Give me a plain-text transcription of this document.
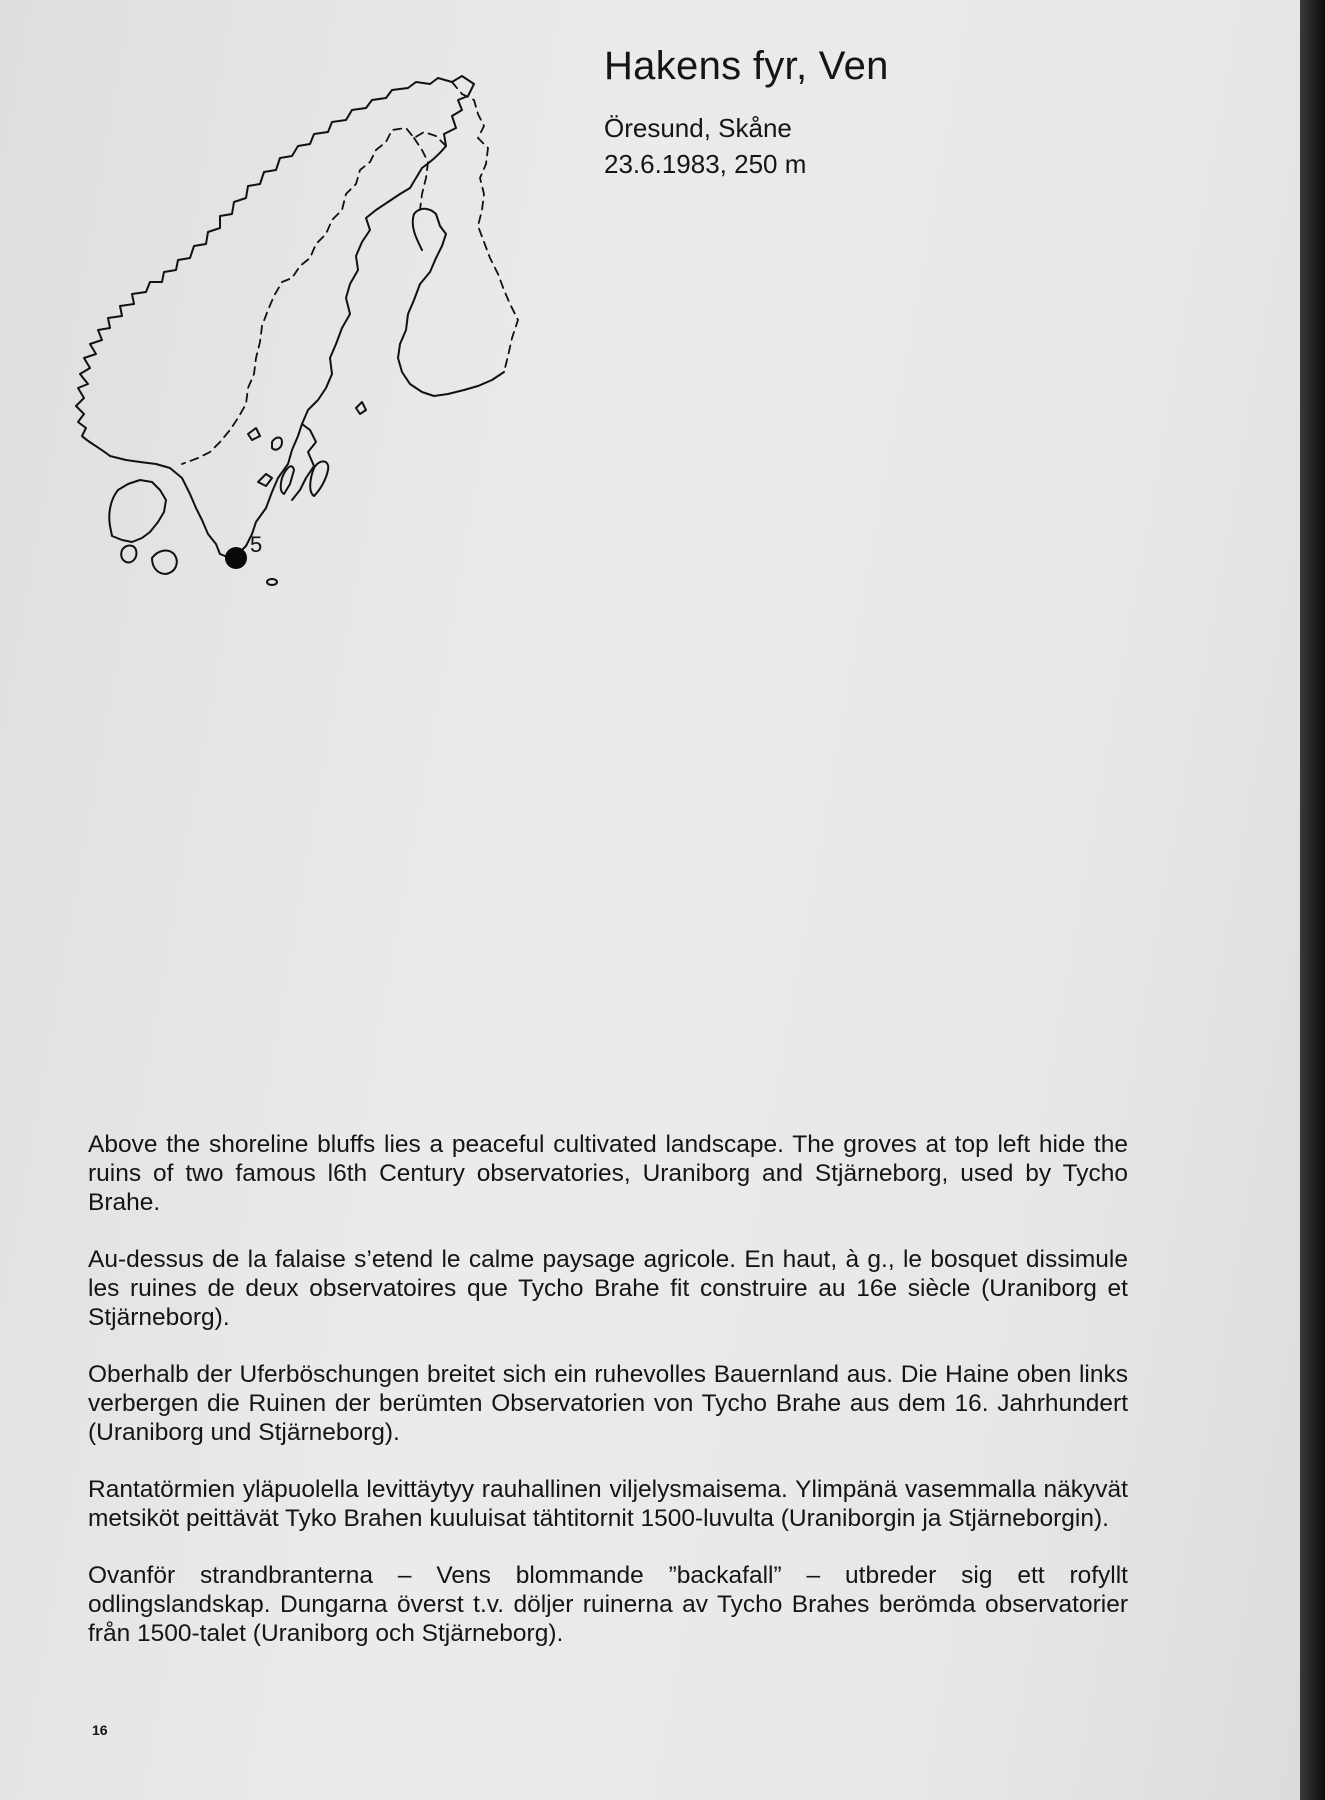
5
Hakens fyr, Ven
Öresund, Skåne
23.6.1983, 250 m

Above the shoreline bluffs lies a peaceful cultivated landscape. The groves at top left hide the ruins of two famous l6th Century observatories, Uraniborg and Stjärneborg, used by Tycho Brahe.

Au-dessus de la falaise s’etend le calme paysage agricole. En haut, à g., le bosquet dissimule les ruines de deux observatoires que Tycho Brahe fit construire au 16e siècle (Uraniborg et Stjärneborg).

Oberhalb der Uferböschungen breitet sich ein ruhevolles Bauernland aus. Die Haine oben links verbergen die Ruinen der berümten Observatorien von Tycho Brahe aus dem 16. Jahrhundert (Uraniborg und Stjärneborg).

Rantatörmien yläpuolella levittäytyy rauhallinen viljelysmaisema. Ylimpänä vasemmalla näkyvät metsiköt peittävät Tyko Brahen kuuluisat tähtitornit 1500-luvulta (Uraniborgin ja Stjärneborgin).

Ovanför strandbranterna – Vens blommande ”backafall” – utbreder sig ett rofyllt odlingslandskap. Dungarna överst t.v. döljer ruinerna av Tycho Brahes berömda observatorier från 1500-talet (Uraniborg och Stjärneborg).

16
